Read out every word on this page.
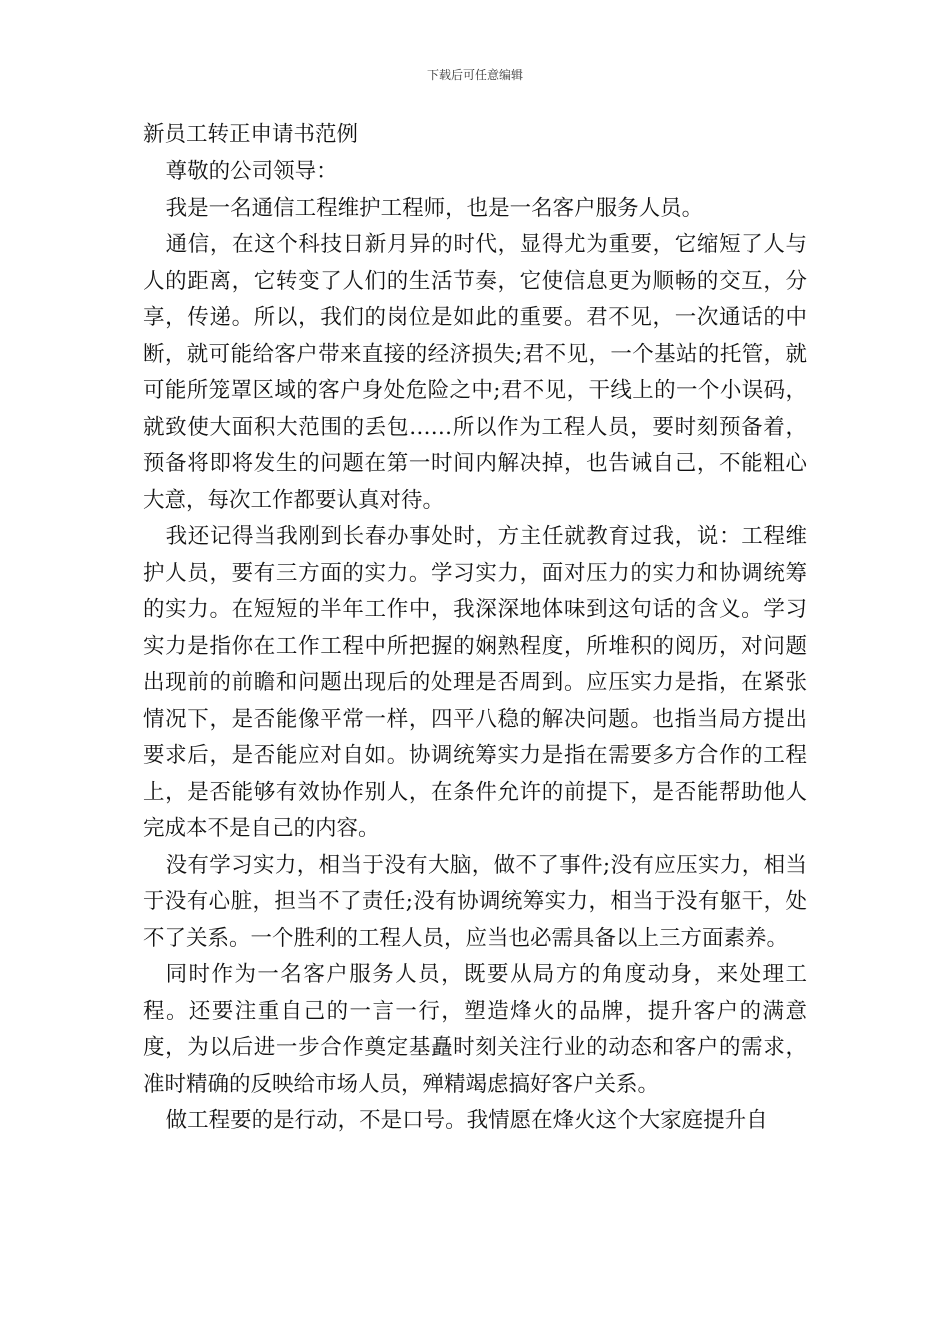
下载后可任意编辑
新员工转正申请书范例

尊敬的公司领导：

我是一名通信工程维护工程师，也是一名客户服务人员。

通信，在这个科技日新月异的时代，显得尤为重要，它缩短了人与人的距离，它转变了人们的生活节奏，它使信息更为顺畅的交互，分享，传递。所以，我们的岗位是如此的重要。君不见，一次通话的中断，就可能给客户带来直接的经济损失;君不见，一个基站的托管，就可能所笼罩区域的客户身处危险之中;君不见，干线上的一个小误码，就致使大面积大范围的丢包……所以作为工程人员，要时刻预备着，预备将即将发生的问题在第一时间内解决掉，也告诫自己，不能粗心大意，每次工作都要认真对待。

我还记得当我刚到长春办事处时，方主任就教育过我，说：工程维护人员，要有三方面的实力。学习实力，面对压力的实力和协调统筹的实力。在短短的半年工作中，我深深地体味到这句话的含义。学习实力是指你在工作工程中所把握的娴熟程度，所堆积的阅历，对问题出现前的前瞻和问题出现后的处理是否周到。应压实力是指，在紧张情况下，是否能像平常一样，四平八稳的解决问题。也指当局方提出要求后，是否能应对自如。协调统筹实力是指在需要多方合作的工程上，是否能够有效协作别人，在条件允许的前提下，是否能帮助他人完成本不是自己的内容。

没有学习实力，相当于没有大脑，做不了事件;没有应压实力，相当于没有心脏，担当不了责任;没有协调统筹实力，相当于没有躯干，处不了关系。一个胜利的工程人员，应当也必需具备以上三方面素养。

同时作为一名客户服务人员，既要从局方的角度动身，来处理工程。还要注重自己的一言一行，塑造烽火的品牌，提升客户的满意度，为以后进一步合作奠定基矗时刻关注行业的动态和客户的需求，准时精确的反映给市场人员，殚精竭虑搞好客户关系。

做工程要的是行动，不是口号。我情愿在烽火这个大家庭提升自
